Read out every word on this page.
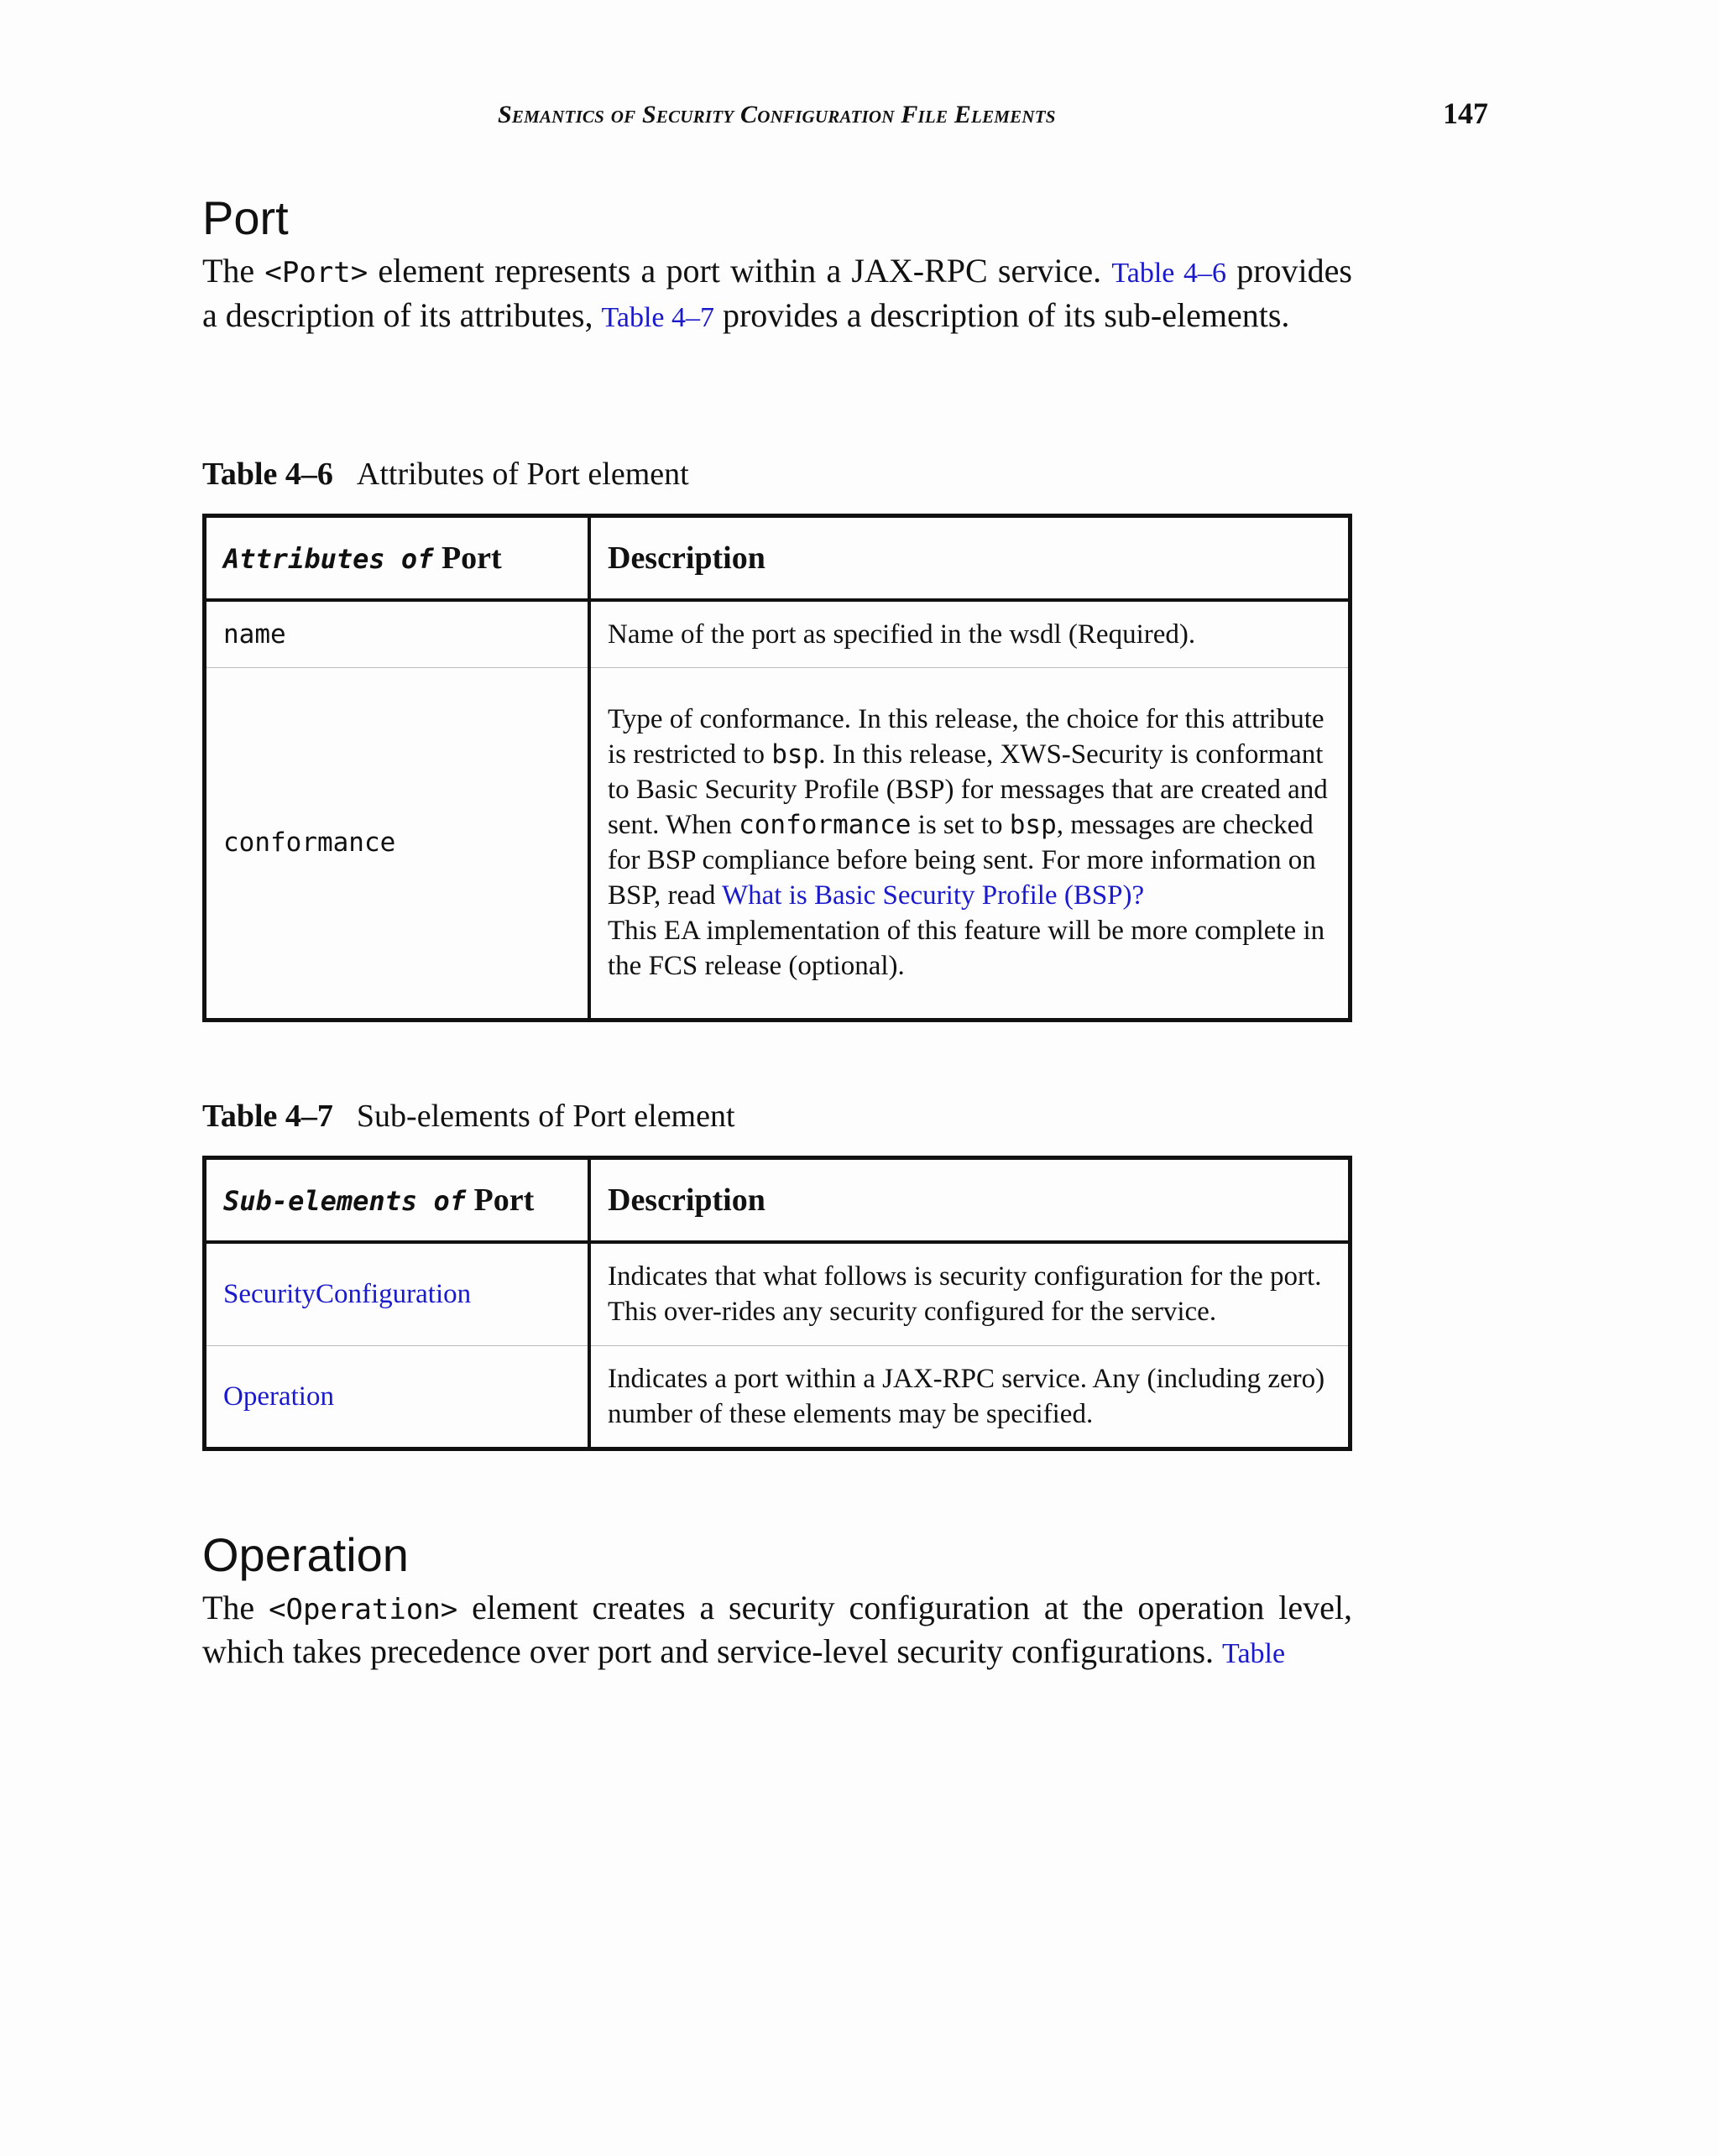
Semantics of Security Configuration File Elements	147
Port

The <Port> element represents a port within a JAX-RPC service. Table 4–6 provides a description of its attributes, Table 4–7 provides a description of its sub-elements.

Table 4–6 Attributes of Port element

Attributes of Port	Description
name	Name of the port as specified in the wsdl (Required).
conformance	Type of conformance. In this release, the choice for this attribute is restricted to bsp. In this release, XWS-Security is conformant to Basic Security Profile (BSP) for messages that are created and sent. When conformance is set to bsp, messages are checked for BSP compliance before being sent. For more information on BSP, read What is Basic Security Profile (BSP)?
This EA implementation of this feature will be more complete in the FCS release (optional).

Table 4–7 Sub-elements of Port element

Sub-elements of Port	Description
SecurityConfiguration	Indicates that what follows is security configuration for the port. This over-rides any security configured for the service.
Operation	Indicates a port within a JAX-RPC service. Any (including zero) number of these elements may be specified.
Operation

The <Operation> element creates a security configuration at the operation level, which takes precedence over port and service-level security configurations. Table
